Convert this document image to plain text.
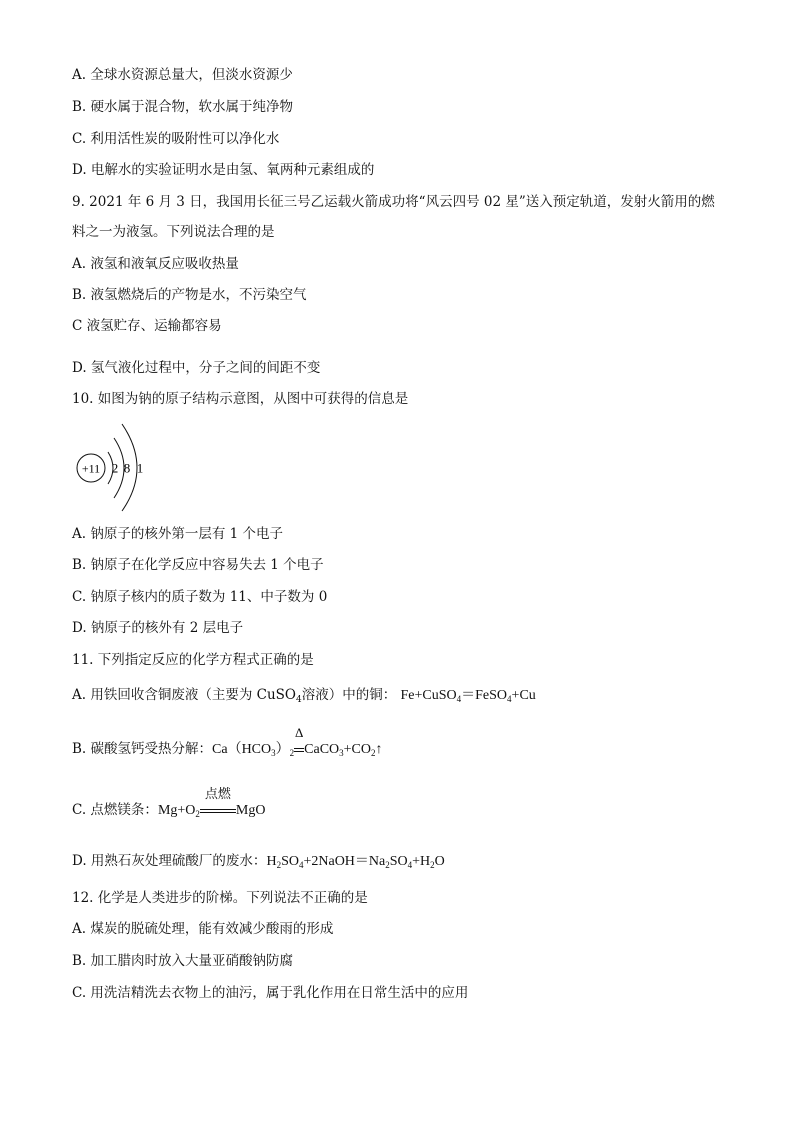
A. 全球水资源总量大，但淡水资源少
B. 硬水属于混合物，软水属于纯净物
C. 利用活性炭的吸附性可以净化水
D. 电解水的实验证明水是由氢、氧两种元素组成的
9. 2021 年 6 月 3 日，我国用长征三号乙运载火箭成功将“风云四号 02 星”送入预定轨道，发射火箭用的燃
料之一为液氢。下列说法合理的是
A. 液氢和液氧反应吸收热量
B. 液氢燃烧后的产物是水，不污染空气
C 液氢贮存、运输都容易
D. 氢气液化过程中，分子之间的间距不变
10. 如图为钠的原子结构示意图，从图中可获得的信息是
+11 2 8 1
A. 钠原子的核外第一层有 1 个电子
B. 钠原子在化学反应中容易失去 1 个电子
C. 钠原子核内的质子数为 11、中子数为 0
D. 钠原子的核外有 2 层电子
11. 下列指定反应的化学方程式正确的是
A. 用铁回收含铜废液（主要为 CuSO$_4$溶液）中的铜： Fe+CuSO$_4$＝FeSO$_4$+Cu
B. 碳酸氢钙受热分解：$Ca(HCO_3)_2$
Δ
$CaCO_3+CO_2↑$
C. 点燃镁条：$Mg+O_2$
点燃
MgO
D. 用熟石灰处理硫酸厂的废水：$H_2SO_4+2NaOH=Na_2SO_4+H_2O$
12. 化学是人类进步的阶梯。下列说法不正确的是
A. 煤炭的脱硫处理，能有效减少酸雨的形成
B. 加工腊肉时放入大量亚硝酸钠防腐
C. 用洗洁精洗去衣物上的油污，属于乳化作用在日常生活中的应用
